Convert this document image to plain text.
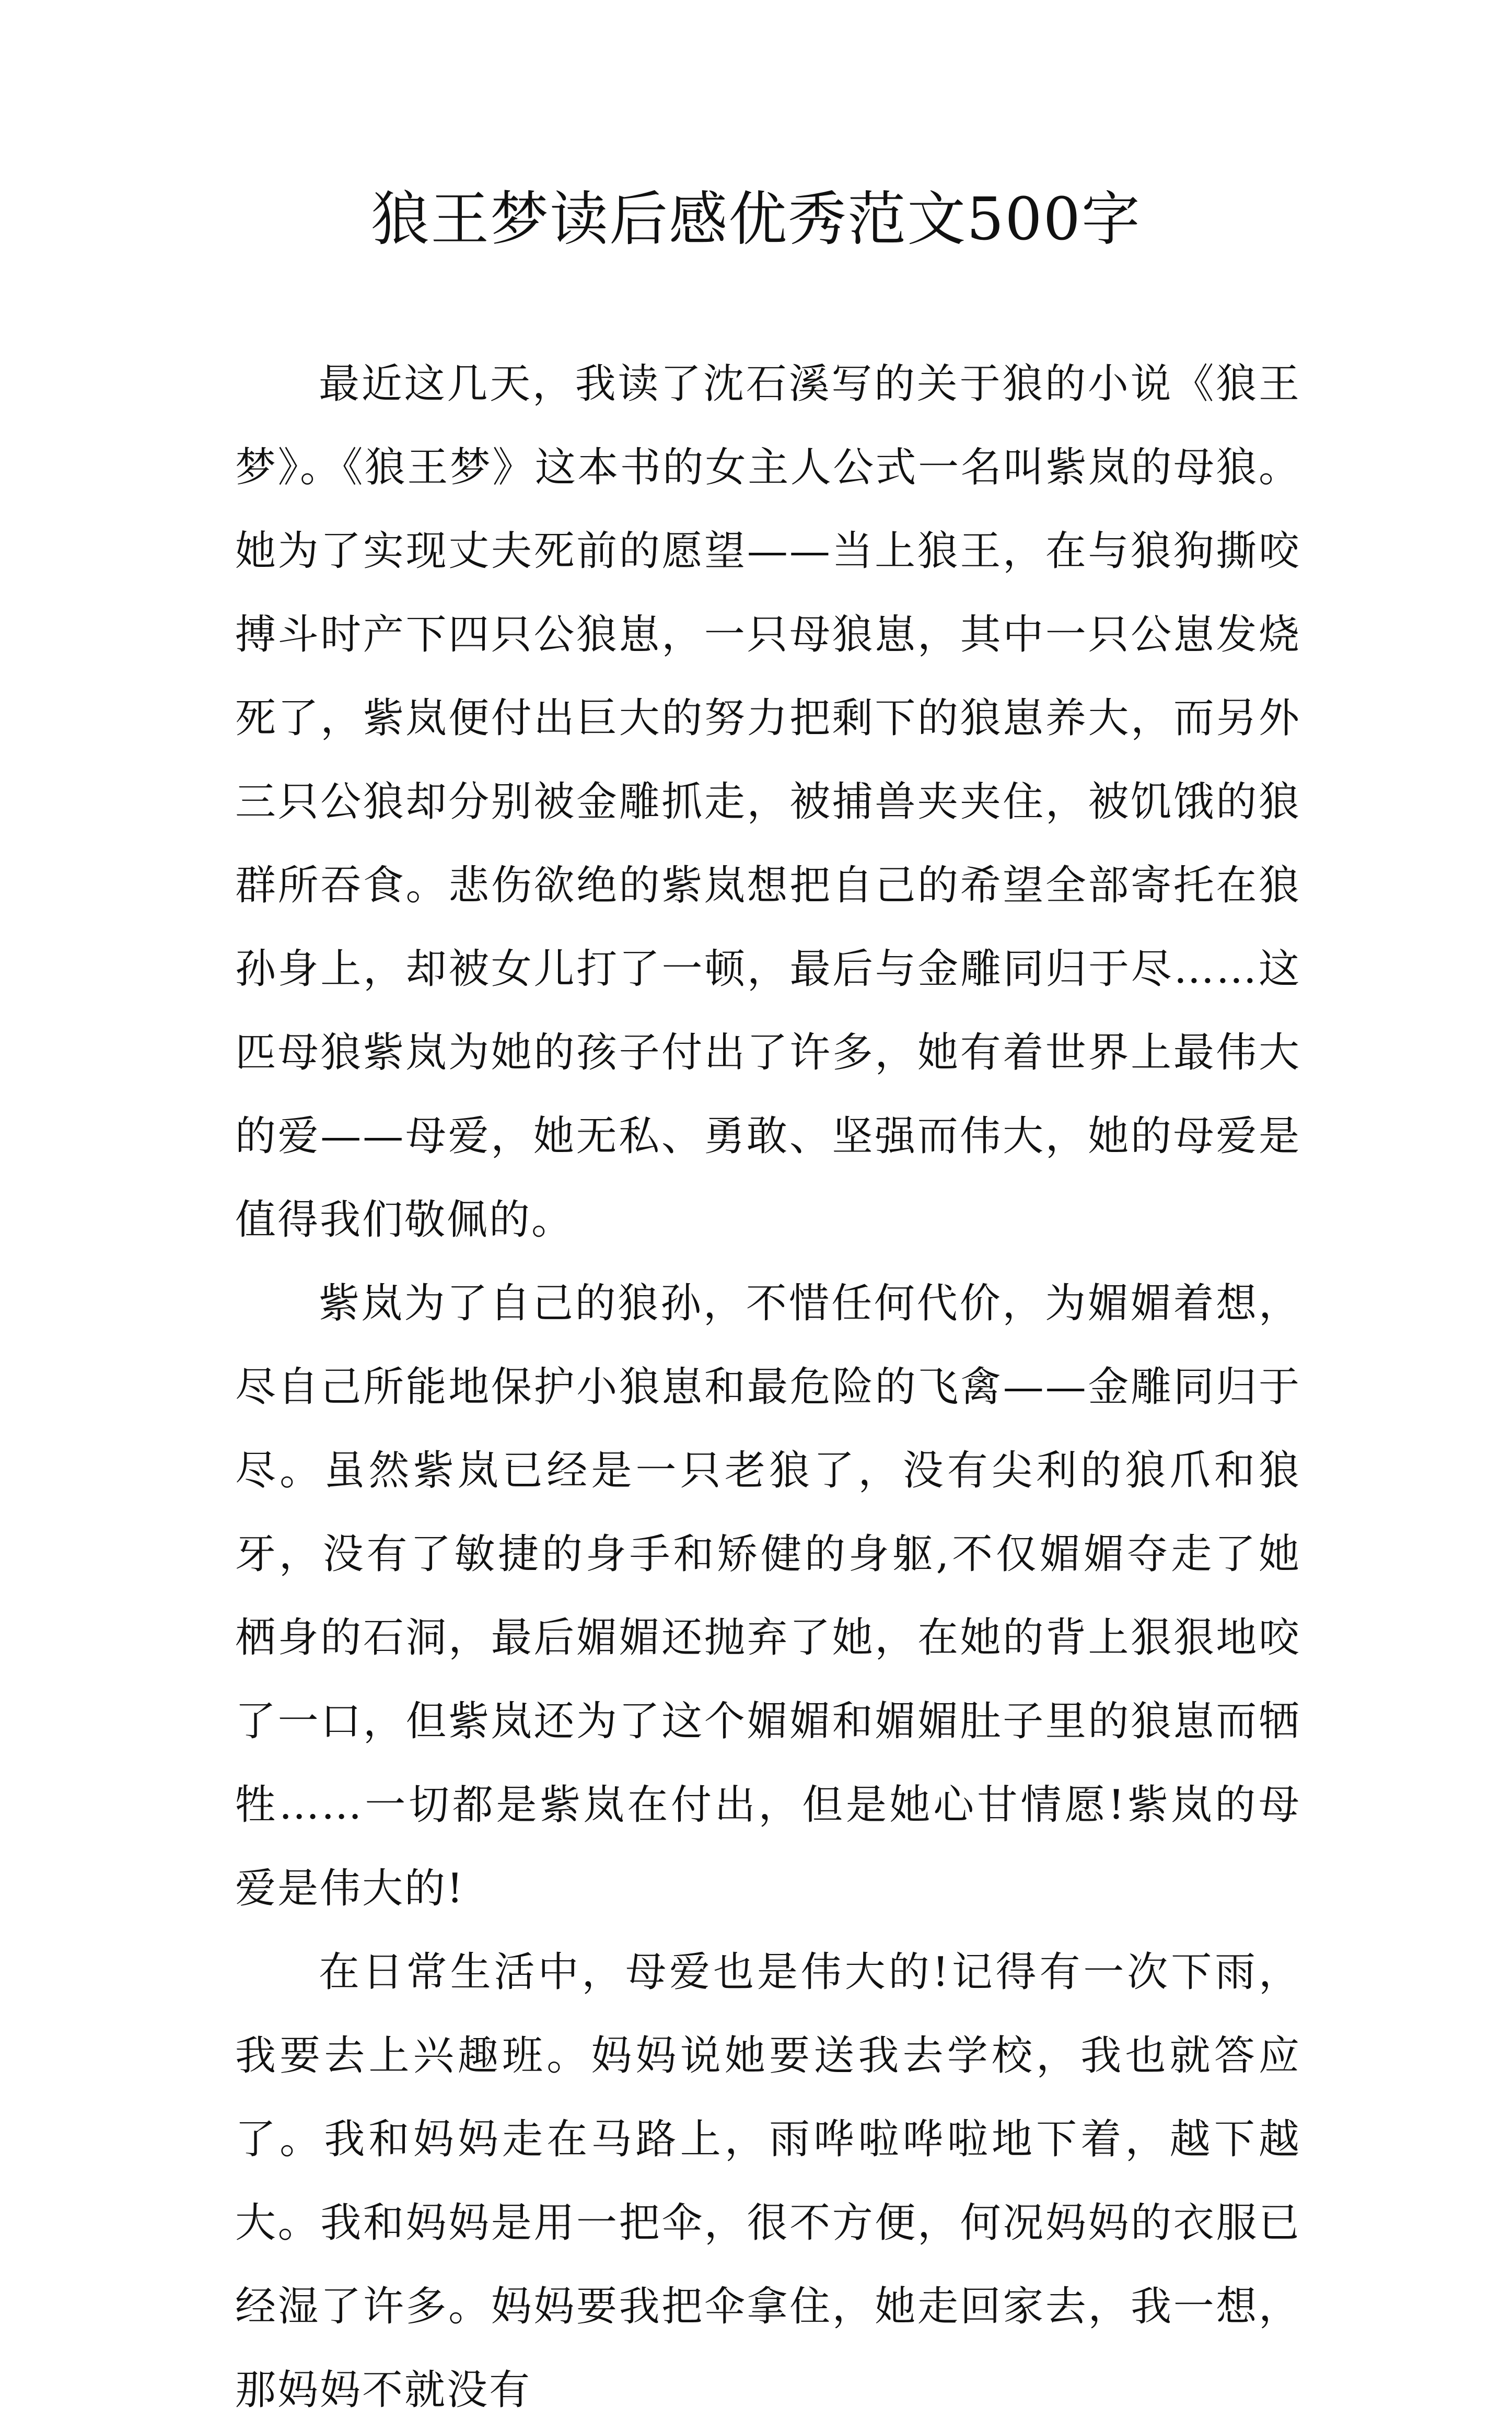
狼王梦读后感优秀范文500字

最近这几天，我读了沈石溪写的关于狼的小说《狼王梦》。《狼王梦》这本书的女主人公式一名叫紫岚的母狼。她为了实现丈夫死前的愿望——当上狼王，在与狼狗撕咬搏斗时产下四只公狼崽，一只母狼崽，其中一只公崽发烧死了，紫岚便付出巨大的努力把剩下的狼崽养大，而另外三只公狼却分别被金雕抓走，被捕兽夹夹住，被饥饿的狼群所吞食。悲伤欲绝的紫岚想把自己的希望全部寄托在狼孙身上，却被女儿打了一顿，最后与金雕同归于尽……这匹母狼紫岚为她的孩子付出了许多，她有着世界上最伟大的爱——母爱，她无私、勇敢、坚强而伟大，她的母爱是值得我们敬佩的。

紫岚为了自己的狼孙，不惜任何代价，为媚媚着想，尽自己所能地保护小狼崽和最危险的飞禽——金雕同归于尽。虽然紫岚已经是一只老狼了，没有尖利的狼爪和狼牙，没有了敏捷的身手和矫健的身躯,不仅媚媚夺走了她栖身的石洞，最后媚媚还抛弃了她，在她的背上狠狠地咬了一口，但紫岚还为了这个媚媚和媚媚肚子里的狼崽而牺牲……一切都是紫岚在付出，但是她心甘情愿!紫岚的母爱是伟大的!

在日常生活中，母爱也是伟大的!记得有一次下雨，我要去上兴趣班。妈妈说她要送我去学校，我也就答应了。我和妈妈走在马路上，雨哗啦哗啦地下着，越下越大。我和妈妈是用一把伞，很不方便，何况妈妈的衣服已经湿了许多。妈妈要我把伞拿住，她走回家去，我一想，那妈妈不就没有
